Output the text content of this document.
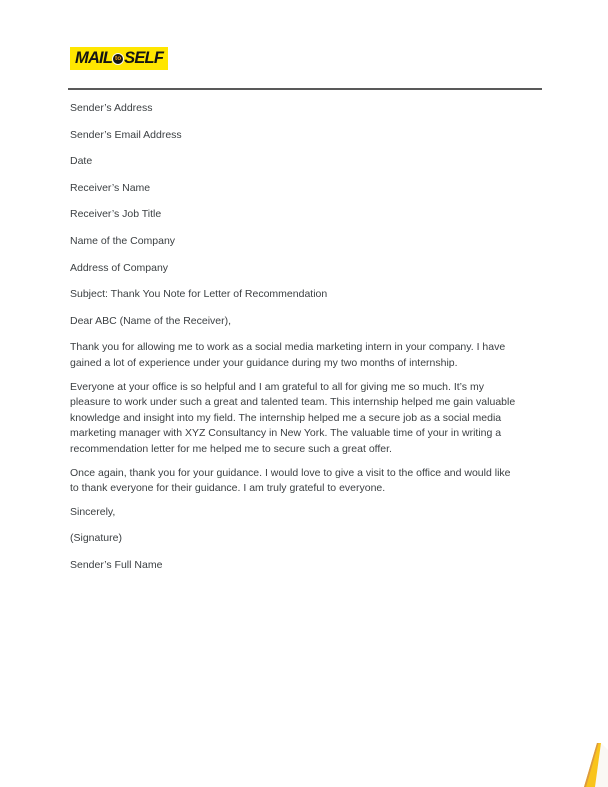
MAIL to SELF
Sender’s Address
Sender’s Email Address
Date
Receiver’s Name
Receiver’s Job Title
Name of the Company
Address of Company
Subject: Thank You Note for Letter of Recommendation
Dear ABC (Name of the Receiver),
Thank you for allowing me to work as a social media marketing intern in your company. I have
gained a lot of experience under your guidance during my two months of internship.
Everyone at your office is so helpful and I am grateful to all for giving me so much. It’s my
pleasure to work under such a great and talented team. This internship helped me gain valuable
knowledge and insight into my field. The internship helped me a secure job as a social media
marketing manager with XYZ Consultancy in New York. The valuable time of your in writing a
recommendation letter for me helped me to secure such a great offer.
Once again, thank you for your guidance. I would love to give a visit to the office and would like
to thank everyone for their guidance. I am truly grateful to everyone.
Sincerely,
(Signature)
Sender’s Full Name
